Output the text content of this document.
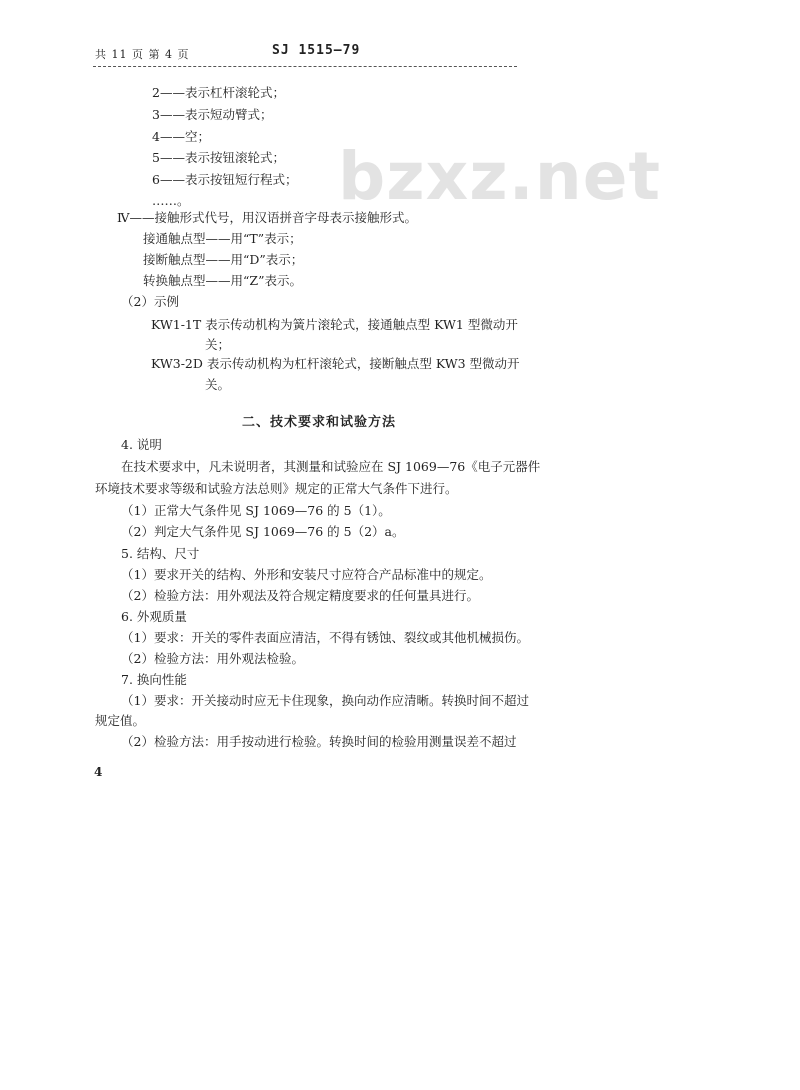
共 11 页 第 4 页	SJ 1515—79
bzxz.net
2——表示杠杆滚轮式；
3——表示短动臂式；
4——空；
5——表示按钮滚轮式；
6——表示按钮短行程式；
……。
Ⅳ——接触形式代号，用汉语拼音字母表示接触形式。
接通触点型——用“T”表示；
接断触点型——用“D”表示；
转换触点型——用“Z”表示。
（2）示例
KW1-1T 表示传动机构为簧片滚轮式，接通触点型 KW1 型微动开
关；
KW3-2D 表示传动机构为杠杆滚轮式，接断触点型 KW3 型微动开
关。
二、技术要求和试验方法
4. 说明
在技术要求中，凡未说明者，其测量和试验应在 SJ 1069—76《电子元器件
环境技术要求等级和试验方法总则》规定的正常大气条件下进行。
（1）正常大气条件见 SJ 1069—76 的 5（1）。
（2）判定大气条件见 SJ 1069—76 的 5（2）a。
5. 结构、尺寸
（1）要求开关的结构、外形和安装尺寸应符合产品标准中的规定。
（2）检验方法：用外观法及符合规定精度要求的任何量具进行。
6. 外观质量
（1）要求：开关的零件表面应清洁，不得有锈蚀、裂纹或其他机械损伤。
（2）检验方法：用外观法检验。
7. 换向性能
（1）要求：开关接动时应无卡住现象，换向动作应清晰。转换时间不超过
规定值。
（2）检验方法：用手按动进行检验。转换时间的检验用测量误差不超过
4
